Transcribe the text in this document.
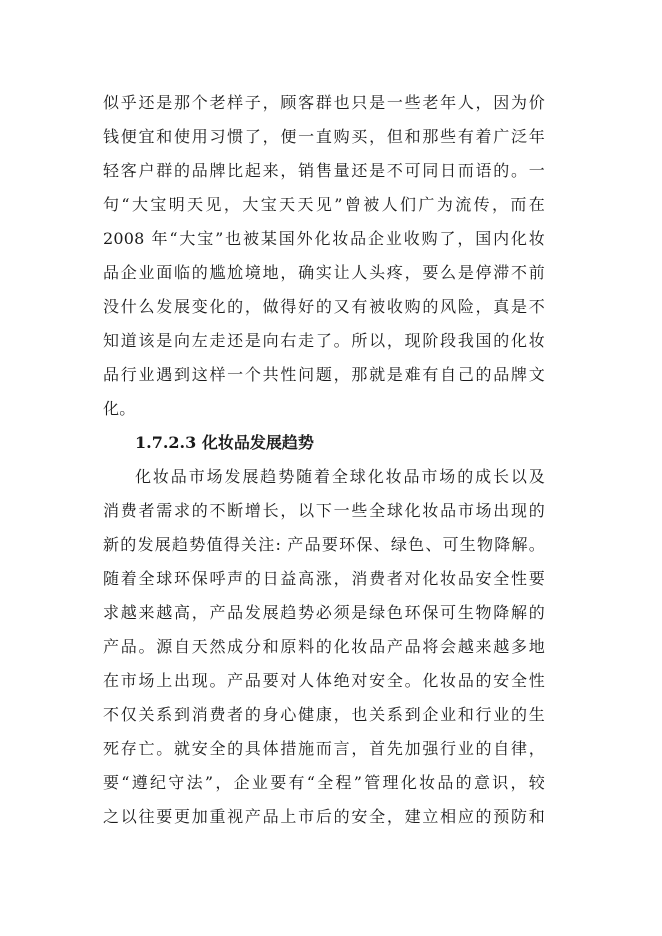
似乎还是那个老样子，顾客群也只是一些老年人，因为价
钱便宜和使用习惯了，便一直购买，但和那些有着广泛年
轻客户群的品牌比起来，销售量还是不可同日而语的。一
句“大宝明天见，大宝天天见”曾被人们广为流传，而在
2008 年“大宝”也被某国外化妆品企业收购了，国内化妆
品企业面临的尴尬境地，确实让人头疼，要么是停滞不前
没什么发展变化的，做得好的又有被收购的风险，真是不
知道该是向左走还是向右走了。所以，现阶段我国的化妆
品行业遇到这样一个共性问题，那就是难有自己的品牌文
化。
1.7.2.3 化妆品发展趋势
化妆品市场发展趋势随着全球化妆品市场的成长以及
消费者需求的不断增长，以下一些全球化妆品市场出现的
新的发展趋势值得关注: 产品要环保、绿色、可生物降解。
随着全球环保呼声的日益高涨，消费者对化妆品安全性要
求越来越高，产品发展趋势必须是绿色环保可生物降解的
产品。源自天然成分和原料的化妆品产品将会越来越多地
在市场上出现。产品要对人体绝对安全。化妆品的安全性
不仅关系到消费者的身心健康，也关系到企业和行业的生
死存亡。就安全的具体措施而言，首先加强行业的自律，
要“遵纪守法”，企业要有“全程”管理化妆品的意识，较
之以往要更加重视产品上市后的安全，建立相应的预防和
